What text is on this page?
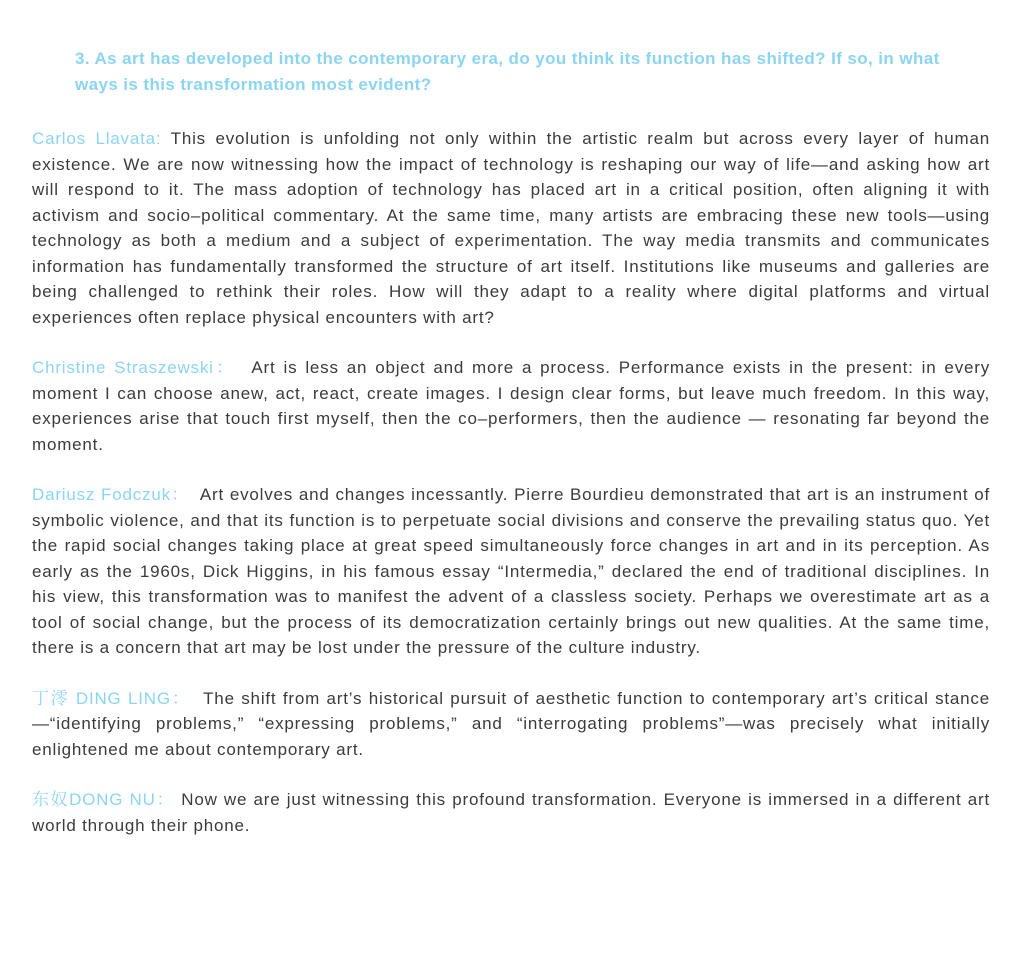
3. As art has developed into the contemporary era, do you think its function has shifted? If so, in what ways is this transformation most evident?

Carlos Llavata: This evolution is unfolding not only within the artistic realm but across every layer of human existence. We are now witnessing how the impact of technology is reshaping our way of life—and asking how art will respond to it. The mass adoption of technology has placed art in a critical position, often aligning it with activism and socio–political commentary. At the same time, many artists are embracing these new tools—using technology as both a medium and a subject of experimentation. The way media transmits and communicates information has fundamentally transformed the structure of art itself. Institutions like museums and galleries are being challenged to rethink their roles. How will they adapt to a reality where digital platforms and virtual experiences often replace physical encounters with art?

Christine Straszewski： Art is less an object and more a process. Performance exists in the present: in every moment I can choose anew, act, react, create images. I design clear forms, but leave much freedom. In this way, experiences arise that touch first myself, then the co–performers, then the audience — resonating far beyond the moment.

Dariusz Fodczuk： Art evolves and changes incessantly. Pierre Bourdieu demonstrated that art is an instrument of symbolic violence, and that its function is to perpetuate social divisions and conserve the prevailing status quo. Yet the rapid social changes taking place at great speed simultaneously force changes in art and in its perception. As early as the 1960s, Dick Higgins, in his famous essay “Intermedia,” declared the end of traditional disciplines. In his view, this transformation was to manifest the advent of a classless society. Perhaps we overestimate art as a tool of social change, but the process of its democratization certainly brings out new qualities. At the same time, there is a concern that art may be lost under the pressure of the culture industry.

丁澪 DING LING： The shift from art’s historical pursuit of aesthetic function to contemporary art’s critical stance—“identifying problems,” “expressing problems,” and “interrogating problems”—was precisely what initially enlightened me about contemporary art.

东奴DONG NU： Now we are just witnessing this profound transformation. Everyone is immersed in a different art world through their phone.
